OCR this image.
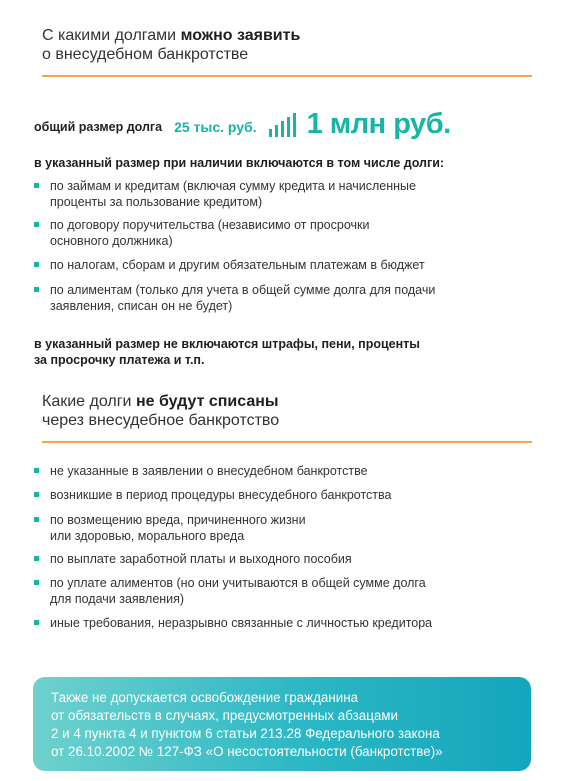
С какими долгами можно заявить
о внесудебном банкротстве
общий размер долга 25 тыс. руб. 1 млн руб.
в указанный размер при наличии включаются в том числе долги:
по займам и кредитам (включая сумму кредита и начисленные
проценты за пользование кредитом)
по договору поручительства (независимо от просрочки
основного должника)
по налогам, сборам и другим обязательным платежам в бюджет
по алиментам (только для учета в общей сумме долга для подачи
заявления, списан он не будет)
в указанный размер не включаются штрафы, пени, проценты
за просрочку платежа и т.п.
Какие долги не будут списаны
через внесудебное банкротство
не указанные в заявлении о внесудебном банкротстве
возникшие в период процедуры внесудебного банкротства
по возмещению вреда, причиненного жизни
или здоровью, морального вреда
по выплате заработной платы и выходного пособия
по уплате алиментов (но они учитываются в общей сумме долга
для подачи заявления)
иные требования, неразрывно связанные с личностью кредитора
Также не допускается освобождение гражданина
от обязательств в случаях, предусмотренных абзацами
2 и 4 пункта 4 и пунктом 6 статьи 213.28 Федерального закона
от 26.10.2002 № 127-ФЗ «О несостоятельности (банкротстве)»
